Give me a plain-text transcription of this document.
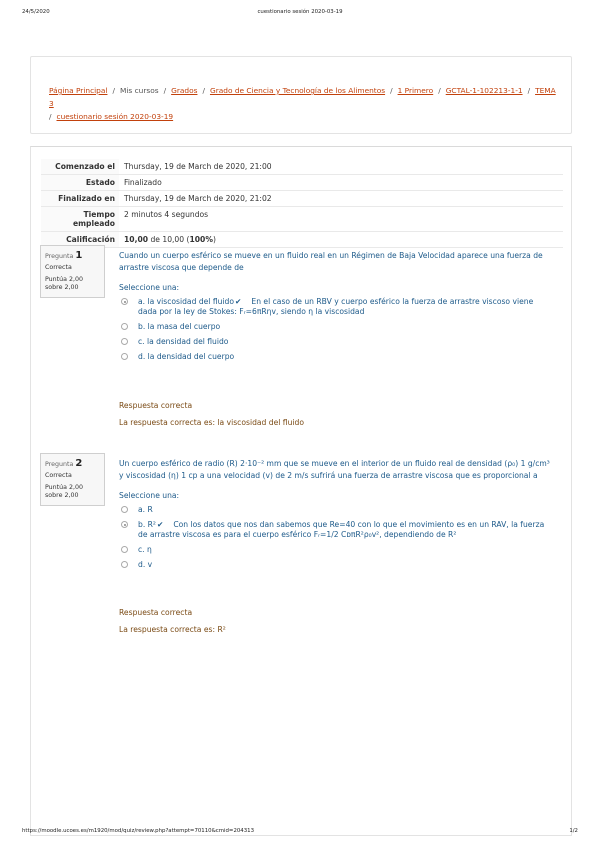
24/5/2020	cuestionario sesión 2020-03-19
Página Principal / Mis cursos / Grados / Grado de Ciencia y Tecnología de los Alimentos / 1 Primero / GCTAL-1-102213-1-1 / TEMA 3
/ cuestionario sesión 2020-03-19
Comenzado el	Thursday, 19 de March de 2020, 21:00
Estado	Finalizado
Finalizado en	Thursday, 19 de March de 2020, 21:02
Tiempo empleado	2 minutos 4 segundos
Calificación	10,00 de 10,00 (100%)
Pregunta 1
Correcta
Puntúa 2,00 sobre 2,00
Cuando un cuerpo esférico se mueve en un fluido real en un Régimen de Baja Velocidad aparece una fuerza de arrastre viscosa que depende de
Seleccione una:
a. la viscosidad del fluido✔ En el caso de un RBV y cuerpo esférico la fuerza de arrastre viscoso viene dada por la ley de Stokes: Fᵣ=6πRηv, siendo η la viscosidad
b. la masa del cuerpo
c. la densidad del fluido
d. la densidad del cuerpo
Respuesta correcta
La respuesta correcta es: la viscosidad del fluido
Pregunta 2
Correcta
Puntúa 2,00 sobre 2,00
Un cuerpo esférico de radio (R) 2·10⁻² mm que se mueve en el interior de un fluido real de densidad (ρ₀) 1 g/cm³ y viscosidad (η) 1 cp a una velocidad (v) de 2 m/s sufrirá una fuerza de arrastre viscosa que es proporcional a
Seleccione una:
a. R
b. R²✔ Con los datos que nos dan sabemos que Re=40 con lo que el movimiento es en un RAV, la fuerza de arrastre viscosa es para el cuerpo esférico Fᵣ=1/2 CᴅπR²ρ₀v², dependiendo de R²
c. η
d. v
Respuesta correcta
La respuesta correcta es: R²
https://moodle.ucoes.es/m1920/mod/quiz/review.php?attempt=70110&cmid=204313	1/2
